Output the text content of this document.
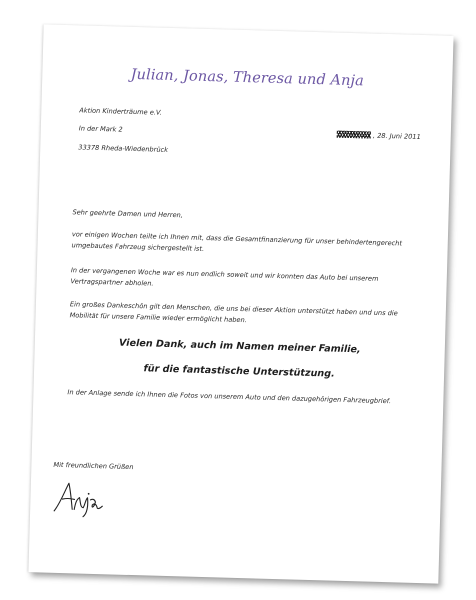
Julian, Jonas, Theresa und Anja
Aktion Kinderträume e.V.
In der Mark 2
33378 Rheda-Wiedenbrück
, 28. Juni 2011
Sehr geehrte Damen und Herren,
vor einigen Wochen teilte ich Ihnen mit, dass die Gesamtfinanzierung für unser behindertengerecht umgebautes Fahrzeug sichergestellt ist.
In der vergangenen Woche war es nun endlich soweit und wir konnten das Auto bei unserem Vertragspartner abholen.
Ein großes Dankeschön gilt den Menschen, die uns bei dieser Aktion unterstützt haben und uns die Mobilität für unsere Familie wieder ermöglicht haben.
Vielen Dank, auch im Namen meiner Familie,
für die fantastische Unterstützung.
In der Anlage sende ich Ihnen die Fotos von unserem Auto und den dazugehörigen Fahrzeugbrief.
Mit freundlichen Grüßen
